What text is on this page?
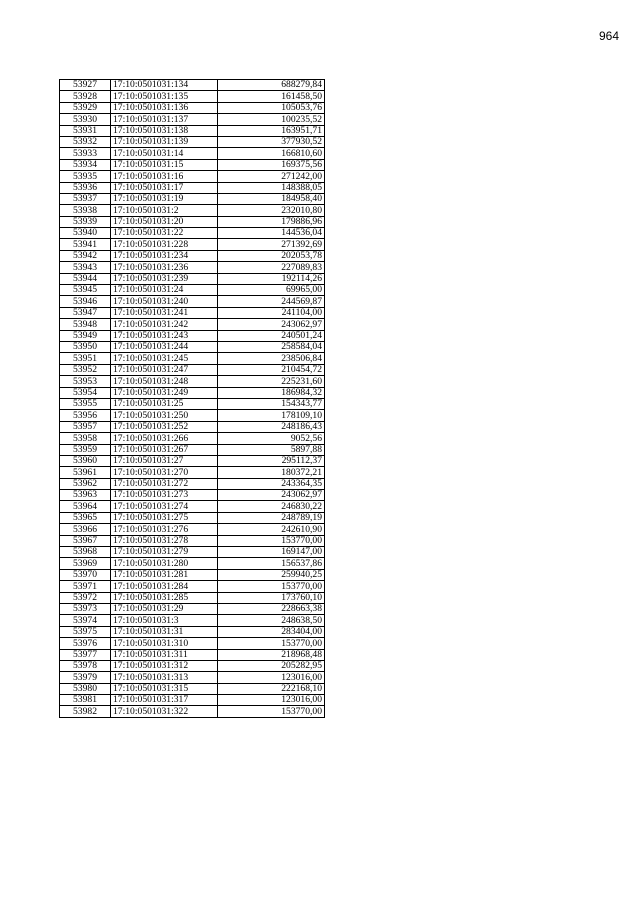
964
53927	17:10:0501031:134	688279,84
53928	17:10:0501031:135	161458,50
53929	17:10:0501031:136	105053,76
53930	17:10:0501031:137	100235,52
53931	17:10:0501031:138	163951,71
53932	17:10:0501031:139	377930,52
53933	17:10:0501031:14	166810,60
53934	17:10:0501031:15	169375,56
53935	17:10:0501031:16	271242,00
53936	17:10:0501031:17	148388,05
53937	17:10:0501031:19	184958,40
53938	17:10:0501031:2	232010,80
53939	17:10:0501031:20	179886,96
53940	17:10:0501031:22	144536,04
53941	17:10:0501031:228	271392,69
53942	17:10:0501031:234	202053,78
53943	17:10:0501031:236	227089,83
53944	17:10:0501031:239	192114,26
53945	17:10:0501031:24	69965,00
53946	17:10:0501031:240	244569,87
53947	17:10:0501031:241	241104,00
53948	17:10:0501031:242	243062,97
53949	17:10:0501031:243	240501,24
53950	17:10:0501031:244	258584,04
53951	17:10:0501031:245	238506,84
53952	17:10:0501031:247	210454,72
53953	17:10:0501031:248	225231,60
53954	17:10:0501031:249	186984,32
53955	17:10:0501031:25	154343,77
53956	17:10:0501031:250	178109,10
53957	17:10:0501031:252	248186,43
53958	17:10:0501031:266	9052,56
53959	17:10:0501031:267	5897,88
53960	17:10:0501031:27	295112,37
53961	17:10:0501031:270	180372,21
53962	17:10:0501031:272	243364,35
53963	17:10:0501031:273	243062,97
53964	17:10:0501031:274	246830,22
53965	17:10:0501031:275	248789,19
53966	17:10:0501031:276	242610,90
53967	17:10:0501031:278	153770,00
53968	17:10:0501031:279	169147,00
53969	17:10:0501031:280	156537,86
53970	17:10:0501031:281	259940,25
53971	17:10:0501031:284	153770,00
53972	17:10:0501031:285	173760,10
53973	17:10:0501031:29	228663,38
53974	17:10:0501031:3	248638,50
53975	17:10:0501031:31	283404,00
53976	17:10:0501031:310	153770,00
53977	17:10:0501031:311	218968,48
53978	17:10:0501031:312	205282,95
53979	17:10:0501031:313	123016,00
53980	17:10:0501031:315	222168,10
53981	17:10:0501031:317	123016,00
53982	17:10:0501031:322	153770,00
